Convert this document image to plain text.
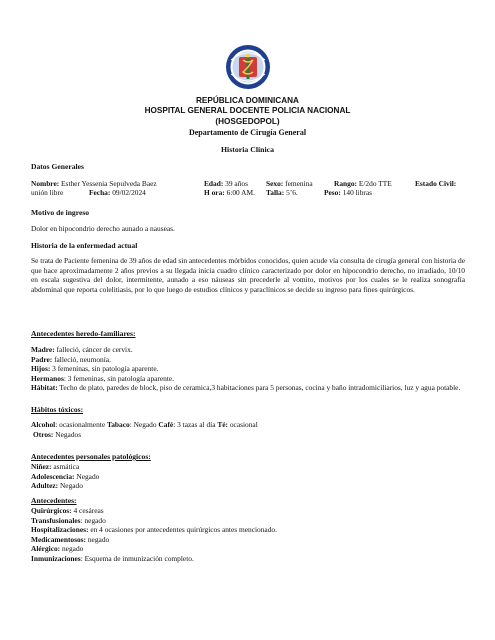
REPÚBLICA DOMINICANA
HOSPITAL GENERAL DOCENTE POLICIA NACIONAL
(HOSGEDOPOL)
Departamento de Cirugía General
Historia Clínica
Datos Generales
Nombre: Esther Yessenia Sepulveda Baez	Edad: 39 años Sexo: femenina	Rango: E/2do TTE	Estado Civil:
unión libre	Fecha: 09/02/2024	H ora: 6:00 AM. Talla: 5’6.	Peso: 140 libras
Motivo de ingreso
Dolor en hipocondrio derecho aunado a nauseas.
Historia de la enfermedad actual
Se trata de Paciente femenina de 39 años de edad sin antecedentes mórbidos conocidos, quien acude vía consulta de cirugía general con historia de que hace aproximadamente 2 años previos a su llegada inicia cuadro clínico caracterizado por dolor en hipocondrio derecho, no irradiado, 10/10 en escala sugestiva del dolor, intermitente, aunado a eso náuseas sin precederle al vomito, motivos por los cuales se le realiza sonografía abdominal que reporta colelitiasis, por lo que luego de estudios clínicos y paraclínicos se decide su ingreso para fines quirúrgicos.
Antecedentes heredo-familiares:
Madre: falleció, cáncer de cervix.
Padre: falleció, neumonía.
Hijos: 3 femeninas, sin patología aparente.
Hermanos: 3 femeninas, sin patología aparente.
Hábitat: Techo de plato, paredes de block, piso de ceramica,3 habitaciones para 5 personas, cocina y baño intradomiciliarios, luz y agua potable.
Hábitos tóxicos:
Alcohol: ocasionalmente Tabaco: Negado Café: 3 tazas al día Té: ocasional
Otros: Negados
Antecedentes personales patológicos:
Niñez: asmática
Adolescencia: Negado
Adultez: Negado
Antecedentes:
Quirúrgicos: 4 cesáreas
Transfusionales: negado
Hospitalizaciones: en 4 ocasiones por antecedentes quirúrgicos antes mencionado.
Medicamentosos: negado
Alérgico: negado
Inmunizaciones: Esquema de inmunización completo.
